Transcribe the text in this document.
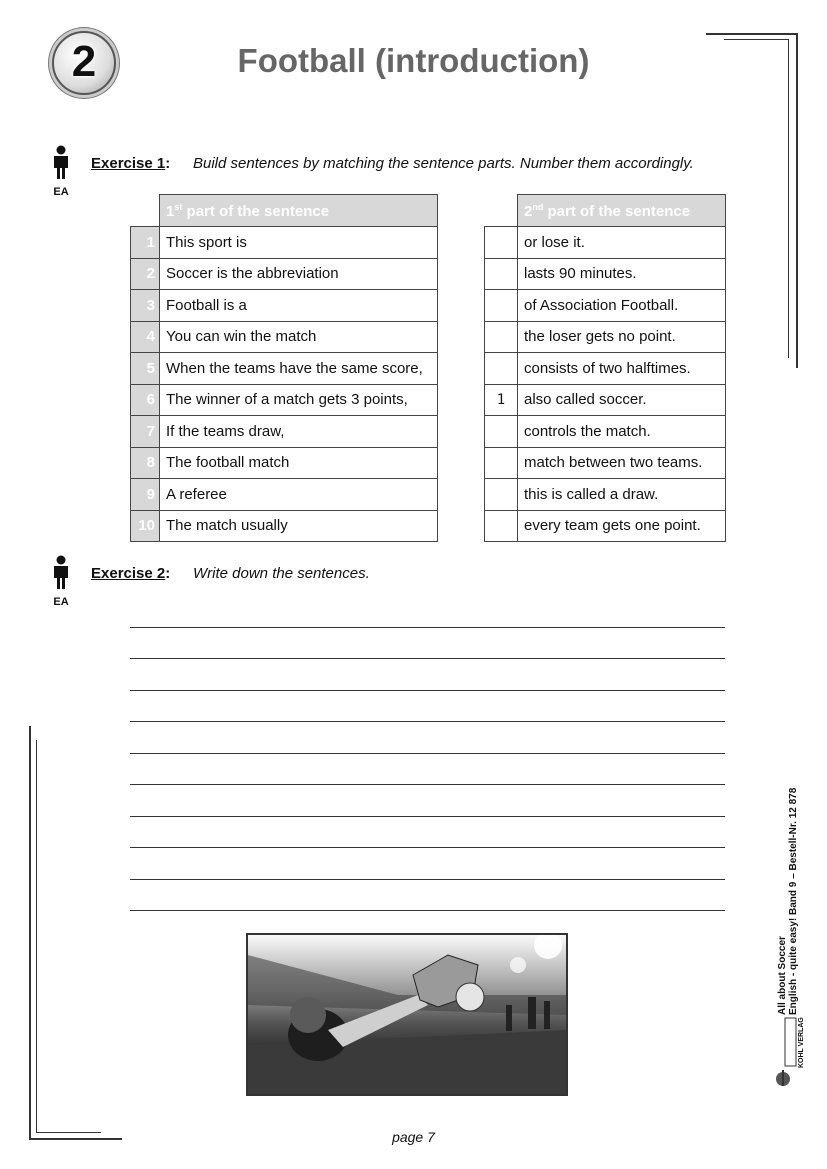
2	Football (introduction)
EA
Exercise 1: Build sentences by matching the sentence parts. Number them accordingly.
	1st part of the sentence
1	This sport is
2	Soccer is the abbreviation
3	Football is a
4	You can win the match
5	When the teams have the same score,
6	The winner of a match gets 3 points,
7	If the teams draw,
8	The football match
9	A referee
10	The match usually
	2nd part of the sentence
	or lose it.
	lasts 90 minutes.
	of Association Football.
	the loser gets no point.
	consists of two halftimes.
1	also called soccer.
	controls the match.
	match between two teams.
	this is called a draw.
	every team gets one point.
EA
Exercise 2: Write down the sentences.
All about Soccer English - quite easy! Band 9 – Bestell-Nr. 12 878
KOHL VERLAG
page 7
